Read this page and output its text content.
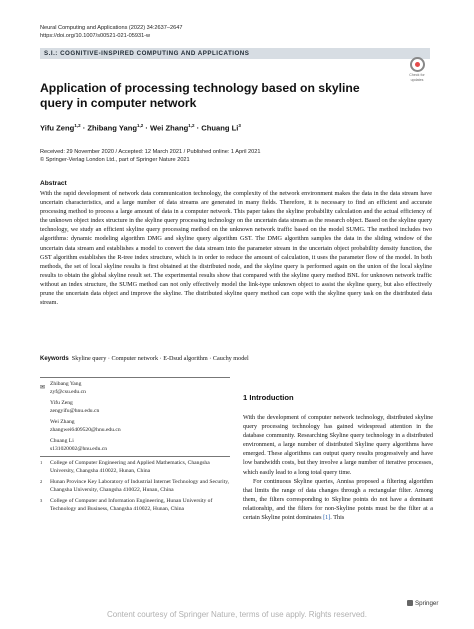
Neural Computing and Applications (2022) 34:2637–2647
https://doi.org/10.1007/s00521-021-05931-w
S.I.: COGNITIVE-INSPIRED COMPUTING AND APPLICATIONS
Check for
updates
Application of processing technology based on skyline query in computer network
Yifu Zeng$^{1,2}$ · Zhibang Yang$^{1,2}$ · Wei Zhang$^{1,2}$ · Chuang Li$^3$
Received: 29 November 2020 / Accepted: 12 March 2021 / Published online: 1 April 2021
© Springer-Verlag London Ltd., part of Springer Nature 2021
Abstract
With the rapid development of network data communication technology, the complexity of the network environment makes the data in the data stream have uncertain characteristics, and a large number of data streams are generated in many fields. Therefore, it is necessary to find an efficient and accurate processing method to process a large amount of data in a computer network. This paper takes the skyline probability calculation and the actual efficiency of the unknown object index structure in the skyline query processing technology on the uncertain data stream as the research object. Based on the skyline query technology, we study an efficient skyline query processing method on the unknown network traffic based on the model SUMG. The method includes two algorithms: dynamic modeling algorithm DMG and skyline query algorithm GST. The DMG algorithm samples the data in the sliding window of the uncertain data stream and establishes a model to convert the data stream into the parameter stream in the uncertain object probability density function, the GST algorithm establishes the R-tree index structure, which is in order to reduce the amount of calculation, it uses the parameter flow of the model. In both methods, the set of local skyline results is first obtained at the distributed node, and the skyline query is performed again on the union of the local skyline results to obtain the global skyline result set. The experimental results show that compared with the skyline query method BNL for unknown network traffic without an index structure, the SUMG method can not only effectively model the link-type unknown object to assist the skyline query, but also effectively prune the uncertain data object and improve the skyline. The distributed skyline query method can cope with the skyline query task on the distributed data stream.
Keywords Skyline query · Computer network · E-Dsud algorithm · Cauchy model
✉
Zhibang Yang
zyf@csu.edu.cn
Yifu Zeng
zengyifu@hnu.edu.cn
Wei Zhang
zhangwei6409520@hnu.edu.cn
Chuang Li
s131020002@hnu.edu.cn
1 College of Computer Engineering and Applied Mathematics, Changsha University, Changsha 410022, Hunan, China
2 Hunan Province Key Laboratory of Industrial Internet Technology and Security, Changsha University, Changsha 410022, Hunan, China
3 College of Computer and Information Engineering, Hunan University of Technology and Business, Changsha 410022, Hunan, China
1 Introduction

With the development of computer network technology, distributed skyline query processing technology has gained widespread attention in the database community. Researching Skyline query technology in a distributed environment, a large number of distributed Skyline query algorithms have emerged. These algorithms can output query results progressively and have low bandwidth costs, but they involve a large number of iterative processes, which easily lead to a long total query time.

For continuous Skyline queries, Annisa proposed a filtering algorithm that limits the range of data changes through a rectangular filter. Among them, the filters corresponding to Skyline points do not have a dominant relationship, and the filters for non-Skyline points must be the filter at a certain Skyline point dominates [1]. This

Springer
Content courtesy of Springer Nature, terms of use apply. Rights reserved.
